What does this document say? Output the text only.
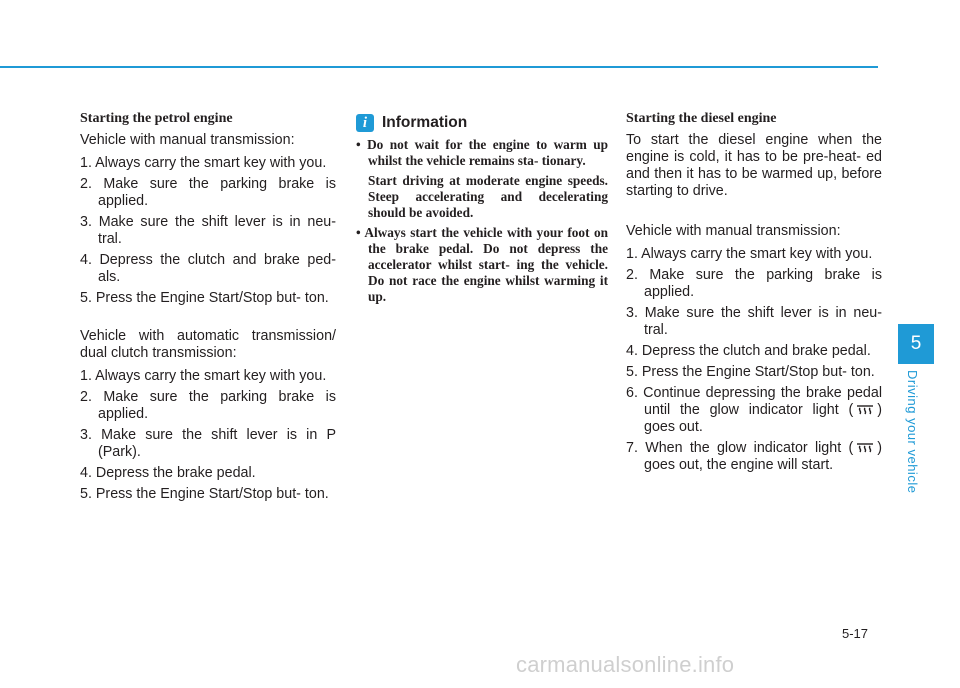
Starting the petrol engine
Vehicle with manual transmission:
1. Always carry the smart key with you.
2. Make sure the parking brake is applied.
3. Make sure the shift lever is in neu- tral.
4. Depress the clutch and brake ped- als.
5. Press the Engine Start/Stop but- ton.
Vehicle with automatic transmission/ dual clutch transmission:
1. Always carry the smart key with you.
2. Make sure the parking brake is applied.
3. Make sure the shift lever is in P (Park).
4. Depress the brake pedal.
5. Press the Engine Start/Stop but- ton.
i Information
• Do not wait for the engine to warm up whilst the vehicle remains sta- tionary.
Start driving at moderate engine speeds. Steep accelerating and decelerating should be avoided.
• Always start the vehicle with your foot on the brake pedal. Do not depress the accelerator whilst start- ing the vehicle. Do not race the engine whilst warming it up.
Starting the diesel engine
To start the diesel engine when the engine is cold, it has to be pre-heat- ed and then it has to be warmed up, before starting to drive.
Vehicle with manual transmission:
1. Always carry the smart key with you.
2. Make sure the parking brake is applied.
3. Make sure the shift lever is in neu- tral.
4. Depress the clutch and brake pedal.
5. Press the Engine Start/Stop but- ton.
6. Continue depressing the brake pedal until the glow indicator light ( ) goes out.
7. When the glow indicator light ( ) goes out, the engine will start.
5
Driving your vehicle
5-17
carmanualsonline.info
